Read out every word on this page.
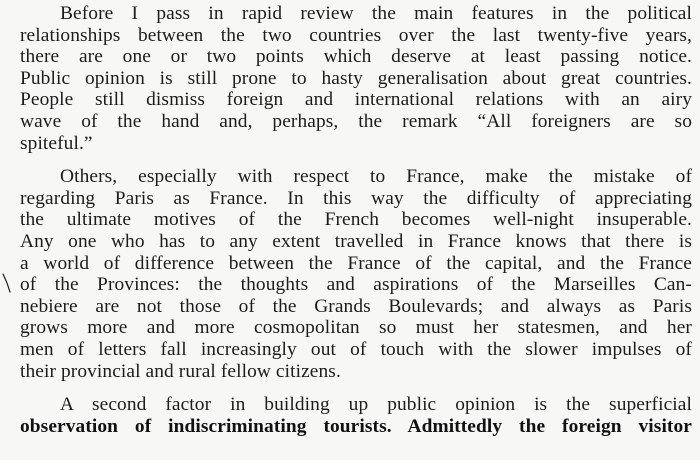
Before I pass in rapid review the main features in the political
relationships between the two countries over the last twenty-five years,
there are one or two points which deserve at least passing notice.
Public opinion is still prone to hasty generalisation about great countries.
People still dismiss foreign and international relations with an airy
wave of the hand and, perhaps, the remark “All foreigners are so
spiteful.”
Others, especially with respect to France, make the mistake of
regarding Paris as France. In this way the difficulty of appreciating
the ultimate motives of the French becomes well-night insuperable.
Any one who has to any extent travelled in France knows that there is
a world of difference between the France of the capital, and the France
of the Provinces: the thoughts and aspirations of the Marseilles Can-
nebiere are not those of the Grands Boulevards; and always as Paris
grows more and more cosmopolitan so must her statesmen, and her
men of letters fall increasingly out of touch with the slower impulses of
their provincial and rural fellow citizens.
A second factor in building up public opinion is the superficial
observation of indiscriminating tourists. Admittedly the foreign visitor
